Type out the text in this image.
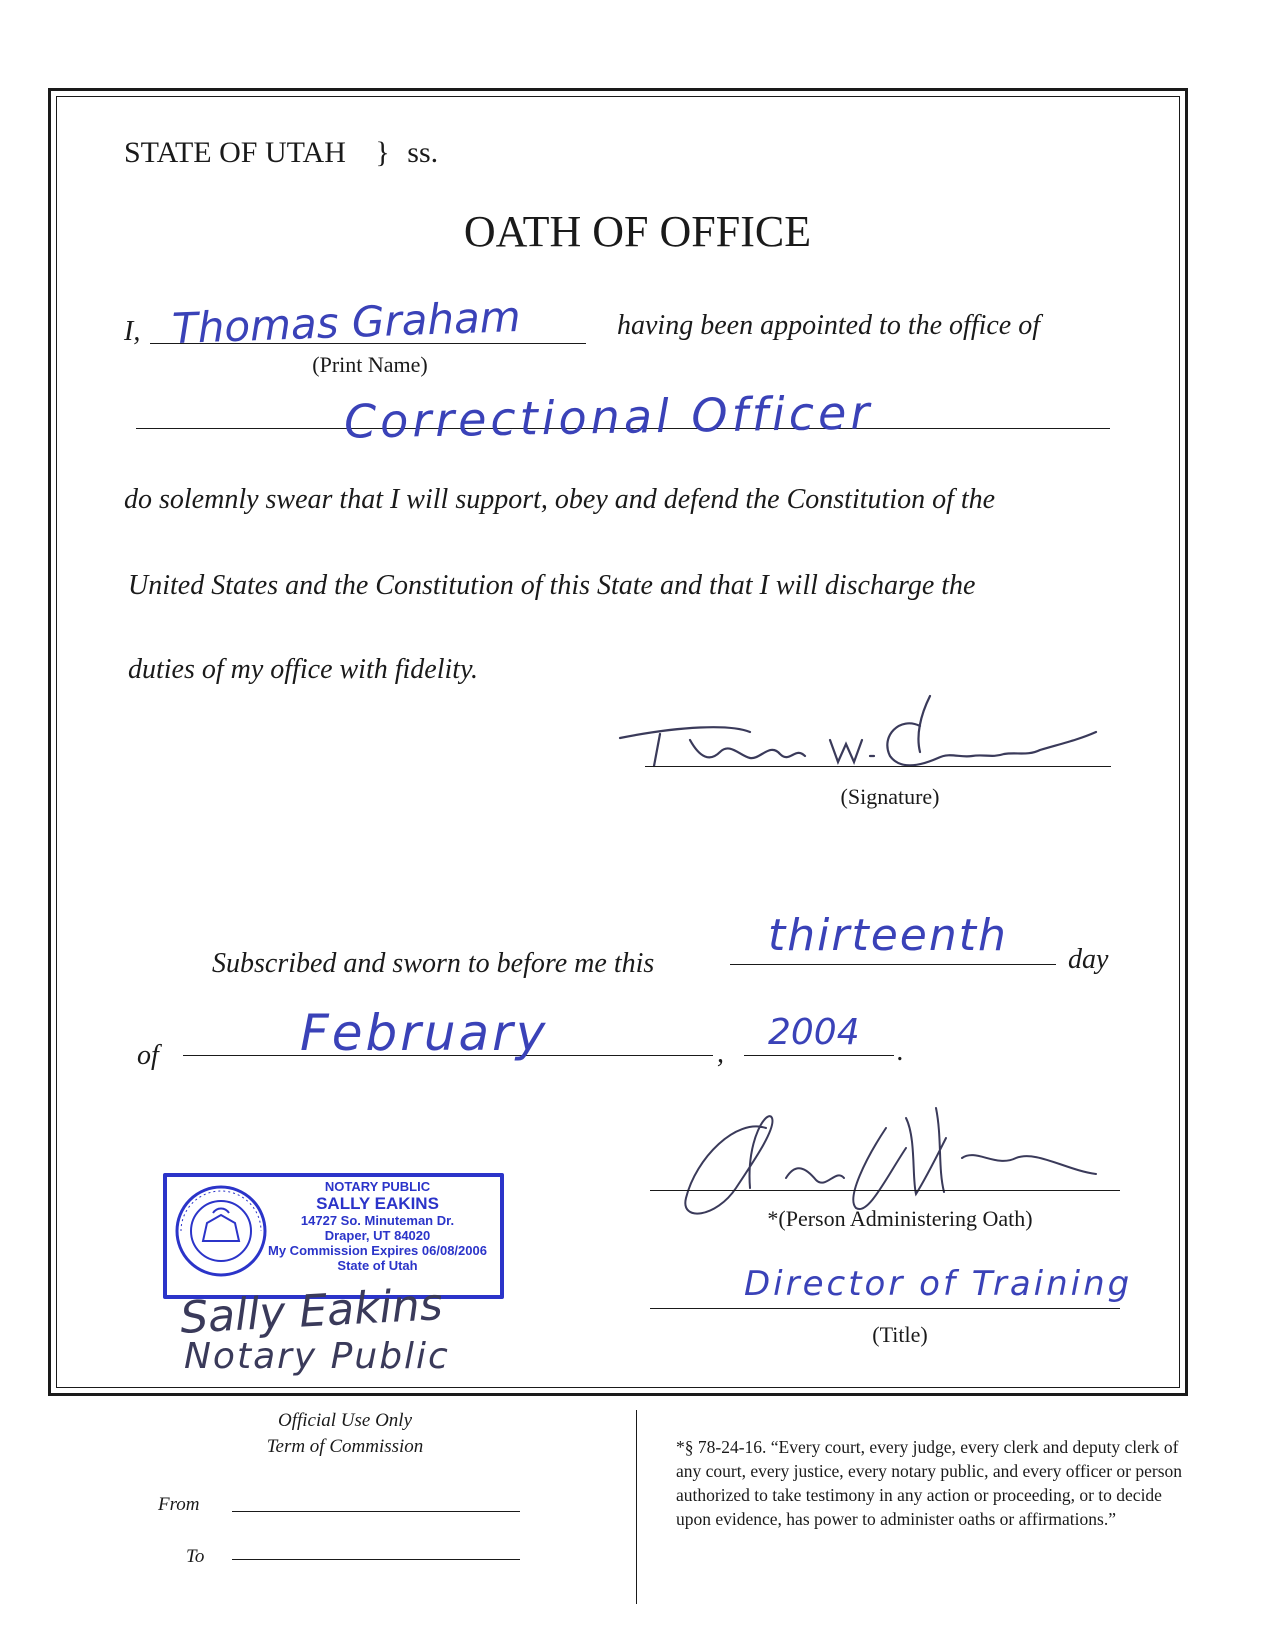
STATE OF UTAH } ss.
OATH OF OFFICE
I, Thomas Graham
(Print Name)
having been appointed to the office of
Correctional Officer
do solemnly swear that I will support, obey and defend the Constitution of the
United States and the Constitution of this State and that I will discharge the
duties of my office with fidelity.
(Signature)
Subscribed and sworn to before me this
thirteenth day
of	February	,
2004 .
*(Person Administering Oath)
Director of Training
(Title)
NOTARY PUBLIC
SALLY EAKINS
14727 So. Minuteman Dr.
Draper, UT 84020
My Commission Expires 06/08/2006
State of Utah
Sally Eakins
Notary Public
Official Use Only
Term of Commission
From
To
*§ 78-24-16. “Every court, every judge, every clerk and deputy clerk of any court, every justice, every notary public, and every officer or person authorized to take testimony in any action or proceeding, or to decide upon evidence, has power to administer oaths or affirmations.”
